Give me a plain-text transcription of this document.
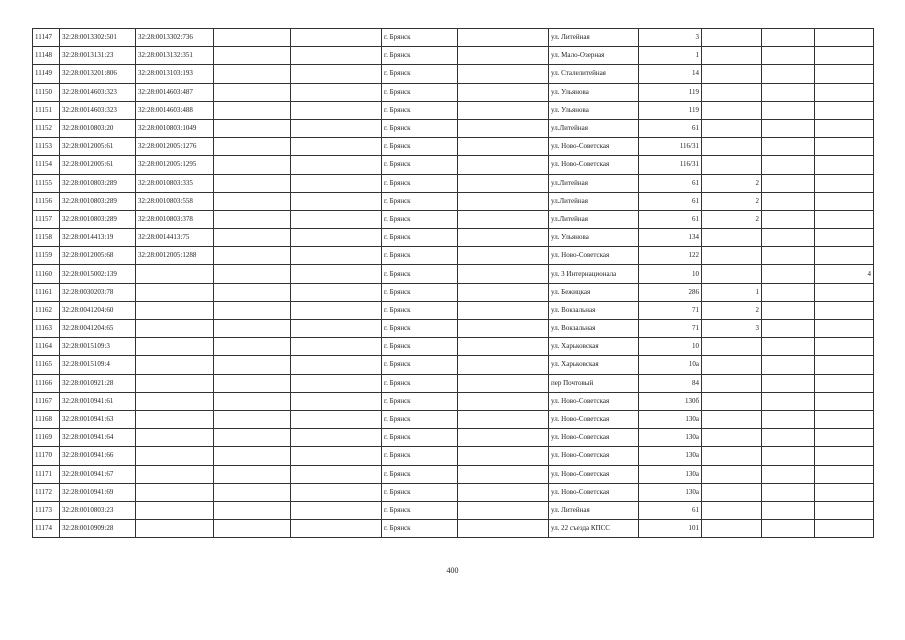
11147	32:28:0013302:501	32:28:0013302:736			г. Брянск		ул. Литейная	3			
11148	32:28:0013131:23	32:28:0013132:351			г. Брянск		ул. Мало-Озерная	1			
11149	32:28:0013201:806	32:28:0013103:193			г. Брянск		ул. Сталелитейная	14			
11150	32:28:0014603:323	32:28:0014603:487			г. Брянск		ул. Ульянова	119			
11151	32:28:0014603:323	32:28:0014603:488			г. Брянск		ул. Ульянова	119			
11152	32:28:0010803:20	32:28:0010803:1049			г. Брянск		ул.Литейная	61			
11153	32:28:0012005:61	32:28:0012005:1276			г. Брянск		ул. Ново-Советская	116/31			
11154	32:28:0012005:61	32:28:0012005:1295			г. Брянск		ул. Ново-Советская	116/31			
11155	32:28:0010803:289	32:28:0010803:335			г. Брянск		ул.Литейная	61	2		
11156	32:28:0010803:289	32:28:0010803:558			г. Брянск		ул.Литейная	61	2		
11157	32:28:0010803:289	32:28:0010803:378			г. Брянск		ул.Литейная	61	2		
11158	32:28:0014413:19	32:28:0014413:75			г. Брянск		ул. Ульянова	134			
11159	32:28:0012005:68	32:28:0012005:1288			г. Брянск		ул. Ново-Советская	122			
11160	32:28:0015002:139				г. Брянск		ул. 3 Интернационала	10			4
11161	32:28:0030203:78				г. Брянск		ул. Бежицкая	286	1		
11162	32:28:0041204:60				г. Брянск		ул. Вокзальная	71	2		
11163	32:28:0041204:65				г. Брянск		ул. Вокзальная	71	3		
11164	32:28:0015109:3				г. Брянск		ул. Харьковская	10			
11165	32:28:0015109:4				г. Брянск		ул. Харьковская	10а			
11166	32:28:0010921:28				г. Брянск		пер Почтовый	84			
11167	32:28:0010941:61				г. Брянск		ул. Ново-Советская	130б			
11168	32:28:0010941:63				г. Брянск		ул. Ново-Советская	130а			
11169	32:28:0010941:64				г. Брянск		ул. Ново-Советская	130а			
11170	32:28:0010941:66				г. Брянск		ул. Ново-Советская	130а			
11171	32:28:0010941:67				г. Брянск		ул. Ново-Советская	130а			
11172	32:28:0010941:69				г. Брянск		ул. Ново-Советская	130а			
11173	32:28:0010803:23				г. Брянск		ул. Литейная	61			
11174	32:28:0010909:28				г. Брянск		ул. 22 съезда КПСС	101			
400
